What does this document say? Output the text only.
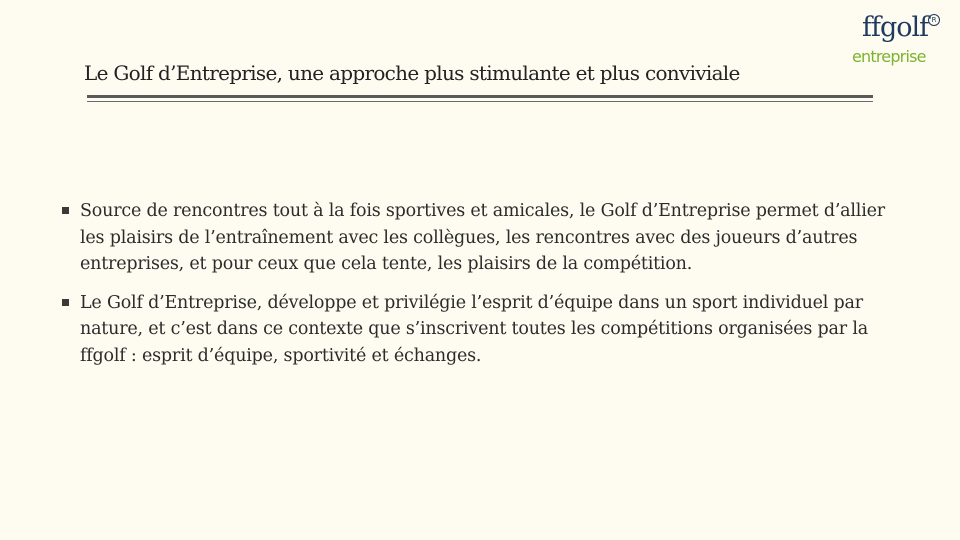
ffgolf R
entreprise
Le Golf d’Entreprise, une approche plus stimulante et plus conviviale
Source de rencontres tout à la fois sportives et amicales, le Golf d’Entreprise permet d’allier les plaisirs de l’entraînement avec les collègues, les rencontres avec des joueurs d’autres entreprises, et pour ceux que cela tente, les plaisirs de la compétition.
Le Golf d’Entreprise, développe et privilégie l’esprit d’équipe dans un sport individuel par nature, et c’est dans ce contexte que s’inscrivent toutes les compétitions organisées par la ffgolf : esprit d’équipe, sportivité et échanges.
